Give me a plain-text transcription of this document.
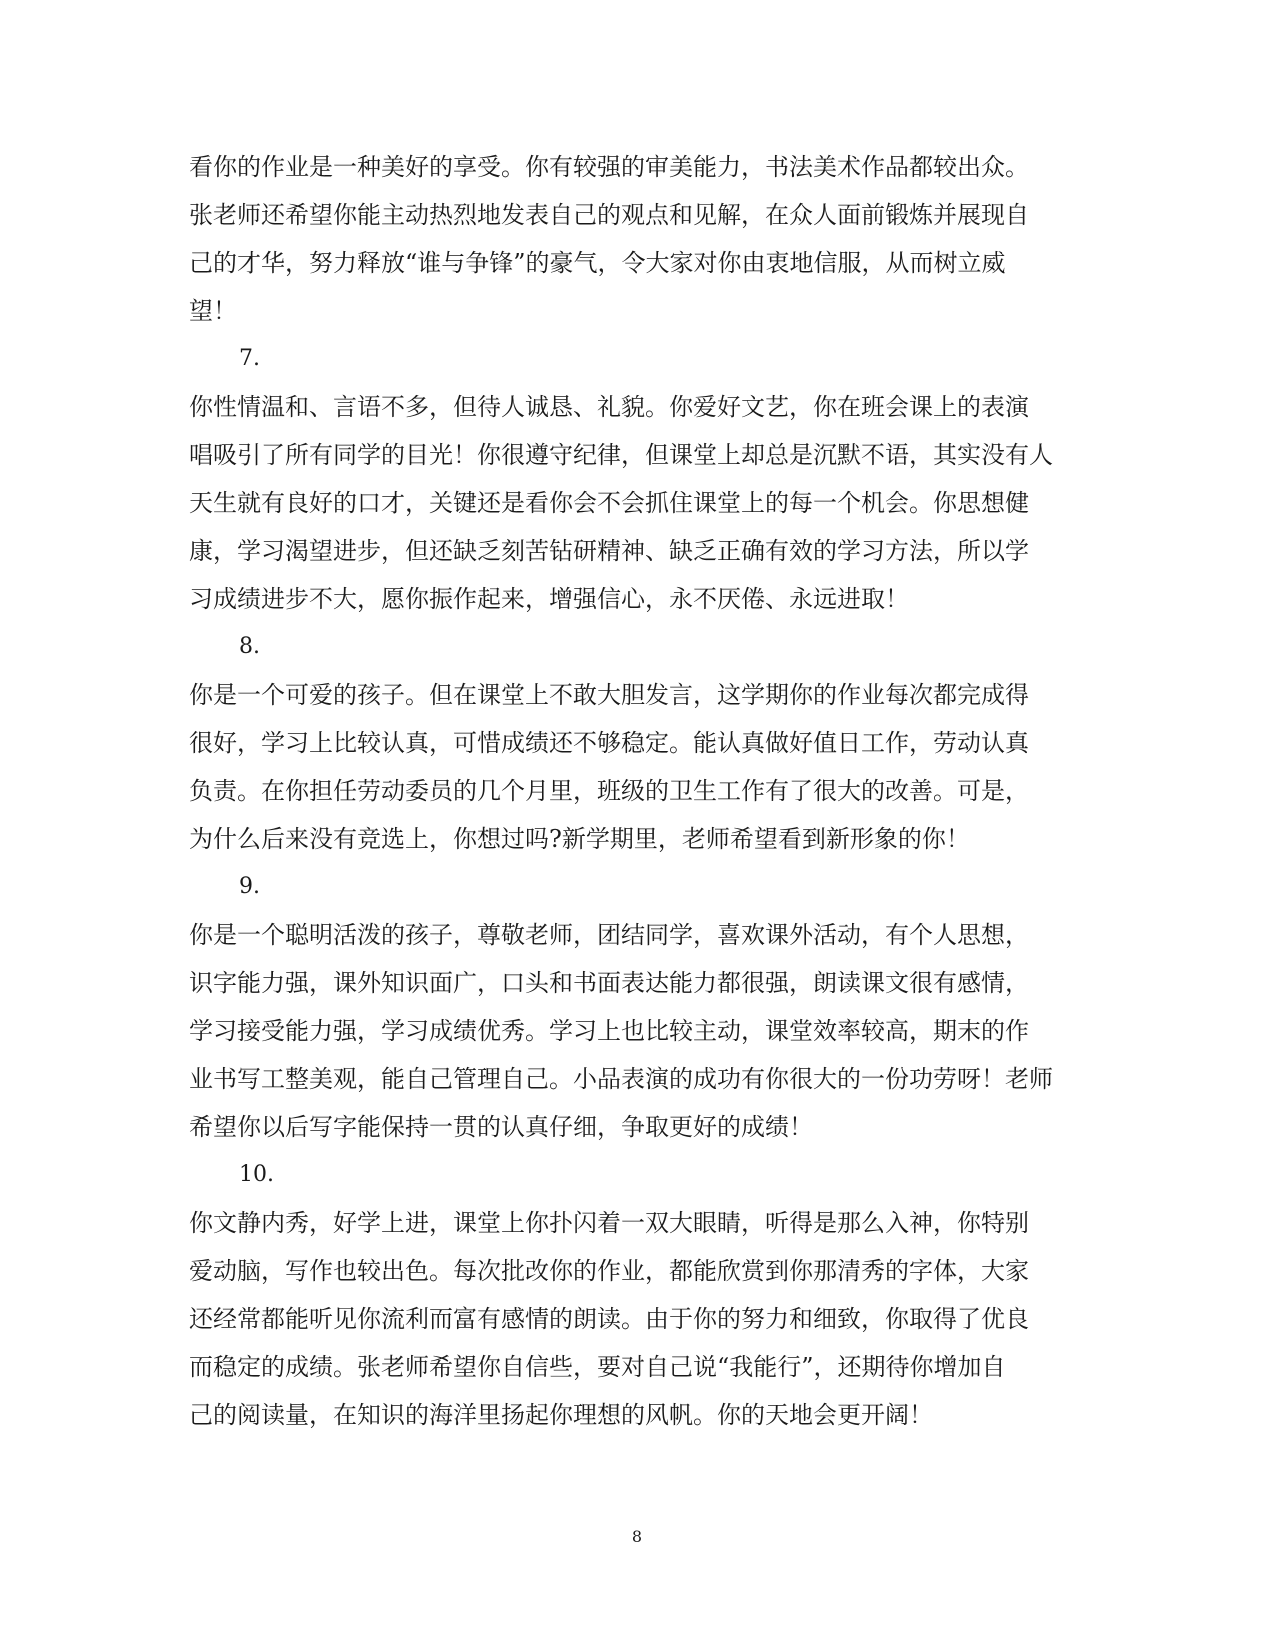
看你的作业是一种美好的享受。你有较强的审美能力，书法美术作品都较出众。
张老师还希望你能主动热烈地发表自己的观点和见解，在众人面前锻炼并展现自
己的才华，努力释放“谁与争锋”的豪气，令大家对你由衷地信服，从而树立威
望！
7.
你性情温和、言语不多，但待人诚恳、礼貌。你爱好文艺，你在班会课上的表演
唱吸引了所有同学的目光！你很遵守纪律，但课堂上却总是沉默不语，其实没有人
天生就有良好的口才，关键还是看你会不会抓住课堂上的每一个机会。你思想健
康，学习渴望进步，但还缺乏刻苦钻研精神、缺乏正确有效的学习方法，所以学
习成绩进步不大，愿你振作起来，增强信心，永不厌倦、永远进取！
8.
你是一个可爱的孩子。但在课堂上不敢大胆发言，这学期你的作业每次都完成得
很好，学习上比较认真，可惜成绩还不够稳定。能认真做好值日工作，劳动认真
负责。在你担任劳动委员的几个月里，班级的卫生工作有了很大的改善。可是，
为什么后来没有竞选上，你想过吗?新学期里，老师希望看到新形象的你！
9.
你是一个聪明活泼的孩子，尊敬老师，团结同学，喜欢课外活动，有个人思想，
识字能力强，课外知识面广，口头和书面表达能力都很强，朗读课文很有感情，
学习接受能力强，学习成绩优秀。学习上也比较主动，课堂效率较高，期末的作
业书写工整美观，能自己管理自己。小品表演的成功有你很大的一份功劳呀！老师
希望你以后写字能保持一贯的认真仔细，争取更好的成绩！
10.
你文静内秀，好学上进，课堂上你扑闪着一双大眼睛，听得是那么入神，你特别
爱动脑，写作也较出色。每次批改你的作业，都能欣赏到你那清秀的字体，大家
还经常都能听见你流利而富有感情的朗读。由于你的努力和细致，你取得了优良
而稳定的成绩。张老师希望你自信些，要对自己说“我能行”，还期待你增加自
己的阅读量，在知识的海洋里扬起你理想的风帆。你的天地会更开阔！
8
